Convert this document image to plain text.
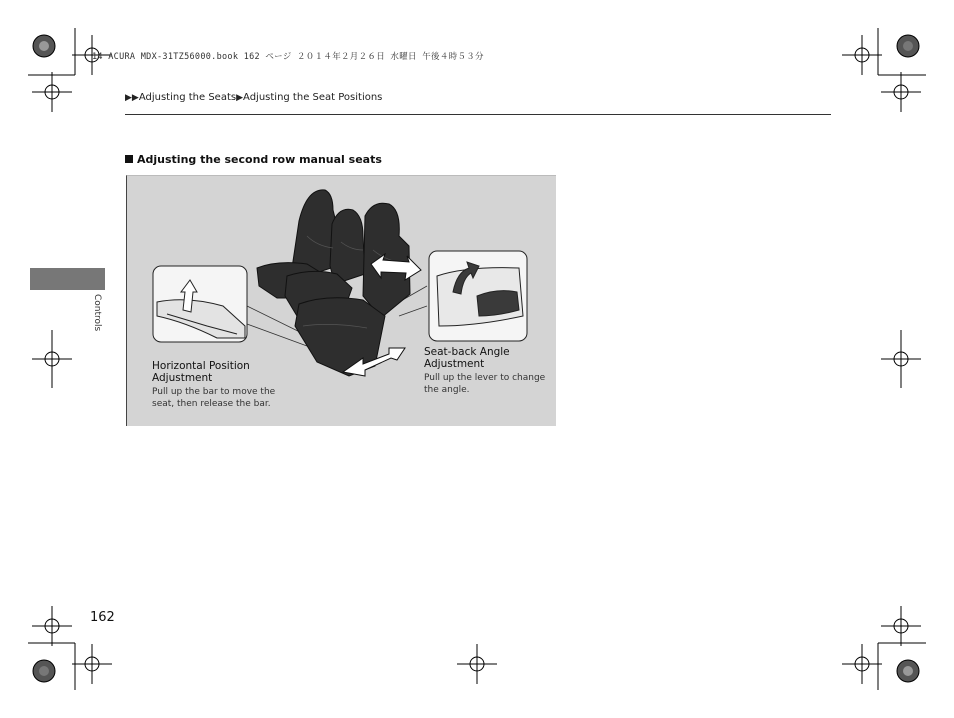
14 ACURA MDX-31TZ56000.book 162 ページ ２０１４年２月２６日 水曜日 午後４時５３分
▶▶Adjusting the Seats▶Adjusting the Seat Positions
Adjusting the second row manual seats
Controls
Horizontal Position
Adjustment
Pull up the bar to move the
seat, then release the bar.
Seat-back Angle
Adjustment
Pull up the lever to change
the angle.
162
